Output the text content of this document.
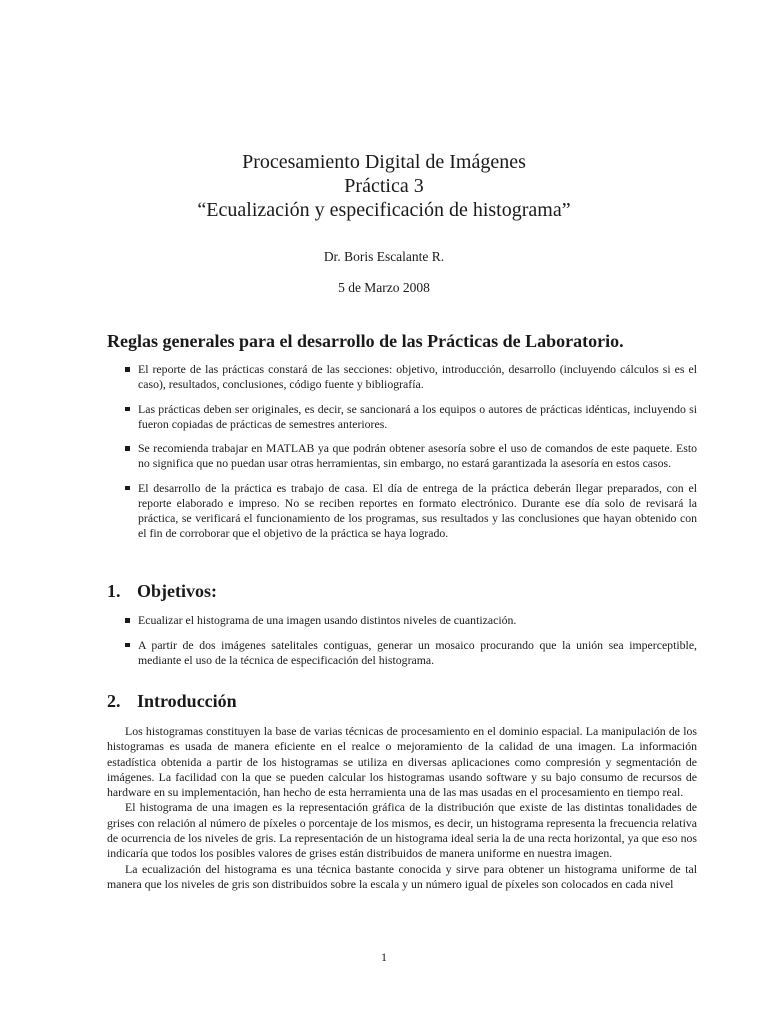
Procesamiento Digital de Imágenes
Práctica 3
“Ecualización y especificación de histograma”
Dr. Boris Escalante R.
5 de Marzo 2008
Reglas generales para el desarrollo de las Prácticas de Laboratorio.
El reporte de las prácticas constará de las secciones: objetivo, introducción, desarrollo (incluyendo cálculos si es el caso), resultados, conclusiones, código fuente y bibliografía.
Las prácticas deben ser originales, es decir, se sancionará a los equipos o autores de prácticas idénticas, incluyendo si fueron copiadas de prácticas de semestres anteriores.
Se recomienda trabajar en MATLAB ya que podrán obtener asesoría sobre el uso de comandos de este paquete. Esto no significa que no puedan usar otras herramientas, sin embargo, no estará garantizada la asesoría en estos casos.
El desarrollo de la práctica es trabajo de casa. El día de entrega de la práctica deberán llegar preparados, con el reporte elaborado e impreso. No se reciben reportes en formato electrónico. Durante ese día solo de revisará la práctica, se verificará el funcionamiento de los programas, sus resultados y las conclusiones que hayan obtenido con el fin de corroborar que el objetivo de la práctica se haya logrado.
1. Objetivos:
Ecualizar el histograma de una imagen usando distintos niveles de cuantización.
A partir de dos imágenes satelitales contiguas, generar un mosaico procurando que la unión sea imperceptible, mediante el uso de la técnica de especificación del histograma.
2. Introducción

Los histogramas constituyen la base de varias técnicas de procesamiento en el dominio espacial. La manipulación de los histogramas es usada de manera eficiente en el realce o mejoramiento de la calidad de una imagen. La información estadística obtenida a partir de los histogramas se utiliza en diversas aplicaciones como compresión y segmentación de imágenes. La facilidad con la que se pueden calcular los histogramas usando software y su bajo consumo de recursos de hardware en su implementación, han hecho de esta herramienta una de las mas usadas en el procesamiento en tiempo real.

El histograma de una imagen es la representación gráfica de la distribución que existe de las distintas tonalidades de grises con relación al número de píxeles o porcentaje de los mismos, es decir, un histograma representa la frecuencia relativa de ocurrencia de los niveles de gris. La representación de un histograma ideal seria la de una recta horizontal, ya que eso nos indicaría que todos los posibles valores de grises están distribuidos de manera uniforme en nuestra imagen.

La ecualización del histograma es una técnica bastante conocida y sirve para obtener un histograma uniforme de tal manera que los niveles de gris son distribuidos sobre la escala y un número igual de píxeles son colocados en cada nivel

1
